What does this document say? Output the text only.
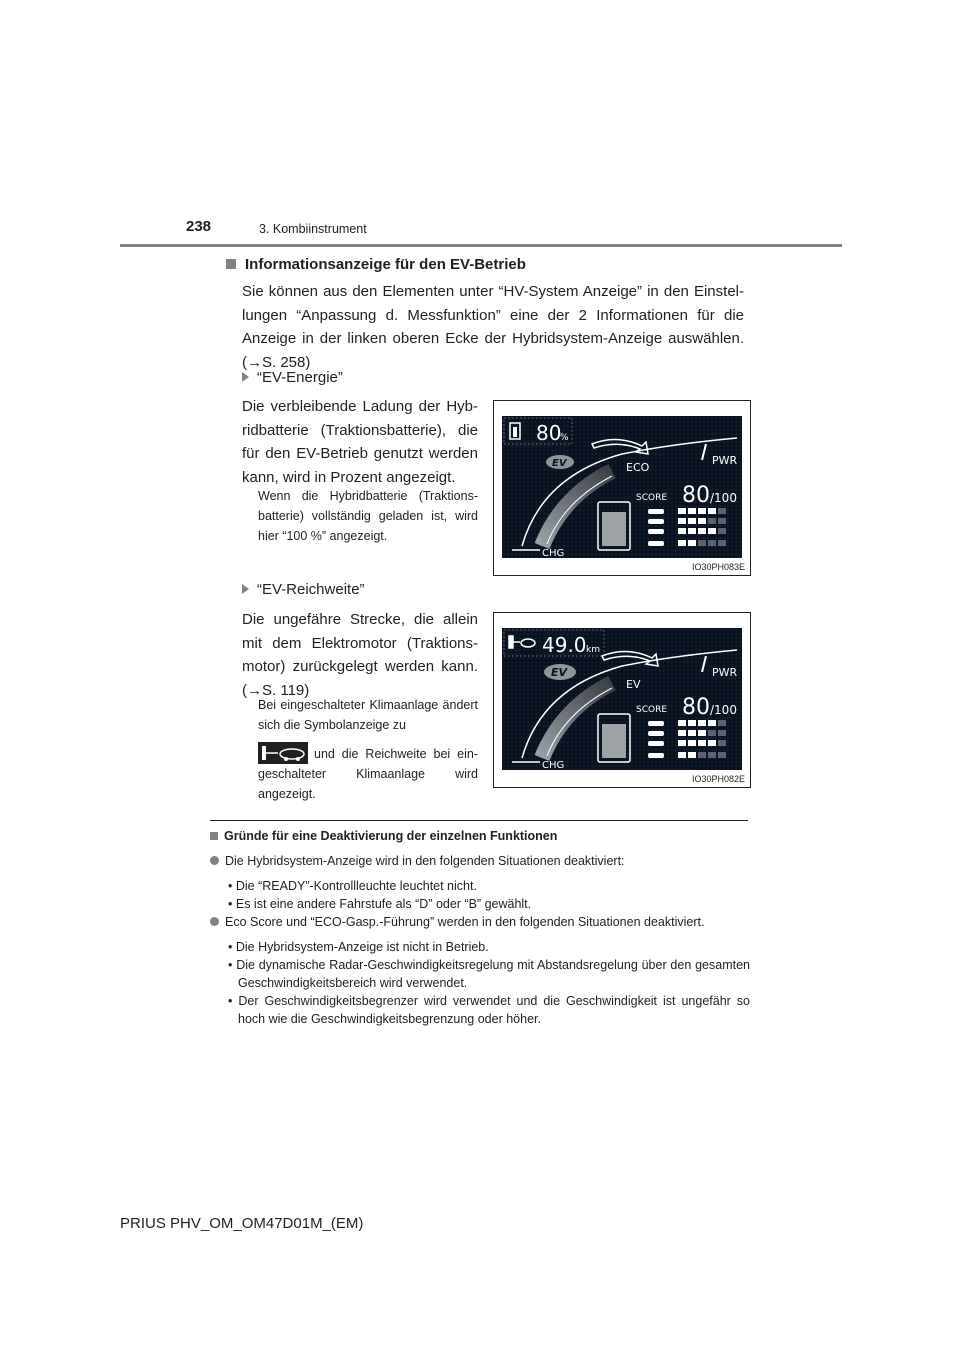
238	3. Kombiinstrument
Informationsanzeige für den EV-Betrieb
Sie können aus den Elementen unter “HV-System Anzeige” in den Einstellungen “Anpassung d. Messfunktion” eine der 2 Informationen für die Anzeige in der linken oberen Ecke der Hybridsystem-Anzeige auswählen. (→S. 258)
“EV-Energie”
Die verbleibende Ladung der Hybridbatterie (Traktionsbatterie), die für den EV-Betrieb genutzt werden kann, wird in Prozent angezeigt.
Wenn die Hybridbatterie (Traktionsbatterie) vollständig geladen ist, wird hier “100 %” angezeigt.
80
%
EV	ECO
PWR
SCORE 80 /100
CHG
IO30PH083E
“EV-Reichweite”
Die ungefähre Strecke, die allein mit dem Elektromotor (Traktionsmotor) zurückgelegt werden kann. (→S. 119)
Bei eingeschalteter Klimaanlage ändert sich die Symbolanzeige zu
und die Reichweite bei eingeschalteter Klimaanlage wird angezeigt.
49.0 km
EV
EV
PWR
SCORE 80 /100
CHG
IO30PH082E
Gründe für eine Deaktivierung der einzelnen Funktionen
Die Hybridsystem-Anzeige wird in den folgenden Situationen deaktiviert:
• Die “READY”-Kontrollleuchte leuchtet nicht.
• Es ist eine andere Fahrstufe als “D” oder “B” gewählt.
Eco Score und “ECO-Gasp.-Führung” werden in den folgenden Situationen deaktiviert.
• Die Hybridsystem-Anzeige ist nicht in Betrieb.
• Die dynamische Radar-Geschwindigkeitsregelung mit Abstandsregelung über den gesamten Geschwindigkeitsbereich wird verwendet.
• Der Geschwindigkeitsbegrenzer wird verwendet und die Geschwindigkeit ist ungefähr so hoch wie die Geschwindigkeitsbegrenzung oder höher.
PRIUS PHV_OM_OM47D01M_(EM)
